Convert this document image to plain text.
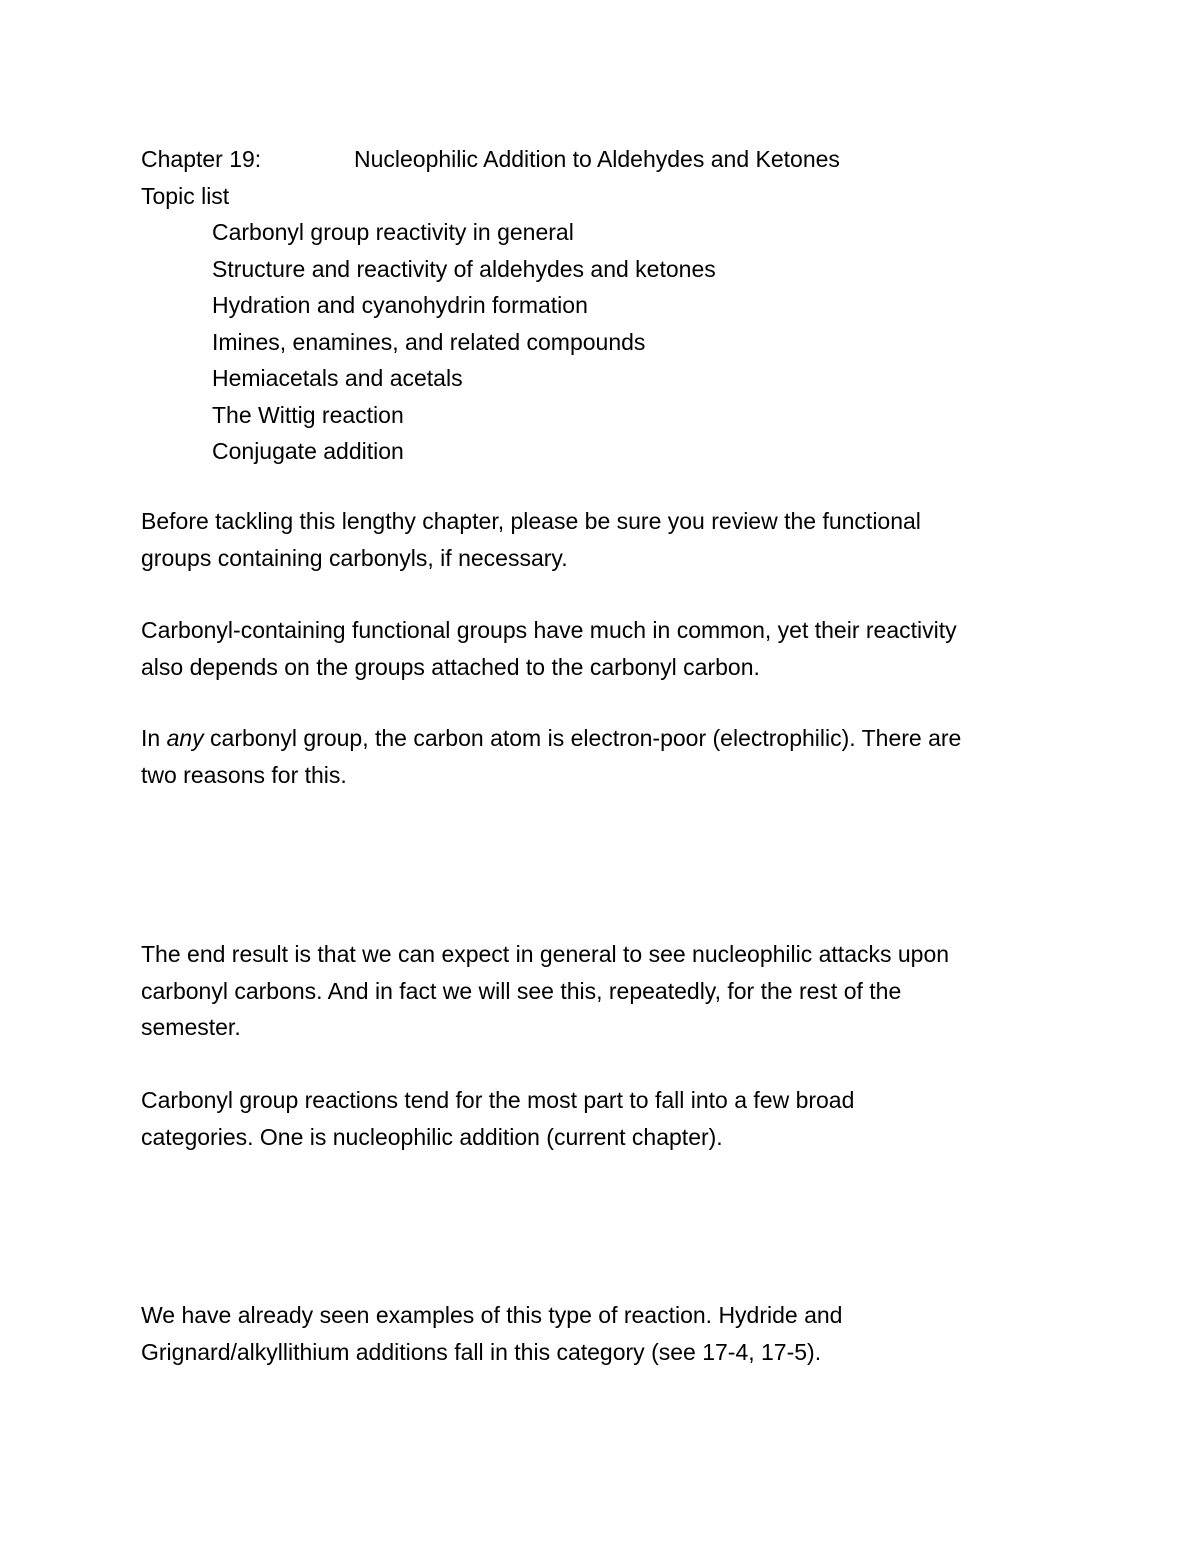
Chapter 19:	Nucleophilic Addition to Aldehydes and Ketones
Topic list
Carbonyl group reactivity in general
Structure and reactivity of aldehydes and ketones
Hydration and cyanohydrin formation
Imines, enamines, and related compounds
Hemiacetals and acetals
The Wittig reaction
Conjugate addition
Before tackling this lengthy chapter, please be sure you review the functional
groups containing carbonyls, if necessary.
Carbonyl-containing functional groups have much in common, yet their reactivity
also depends on the groups attached to the carbonyl carbon.
In any carbonyl group, the carbon atom is electron-poor (electrophilic). There are
two reasons for this.
The end result is that we can expect in general to see nucleophilic attacks upon
carbonyl carbons. And in fact we will see this, repeatedly, for the rest of the
semester.
Carbonyl group reactions tend for the most part to fall into a few broad
categories. One is nucleophilic addition (current chapter).
We have already seen examples of this type of reaction. Hydride and
Grignard/alkyllithium additions fall in this category (see 17-4, 17-5).
